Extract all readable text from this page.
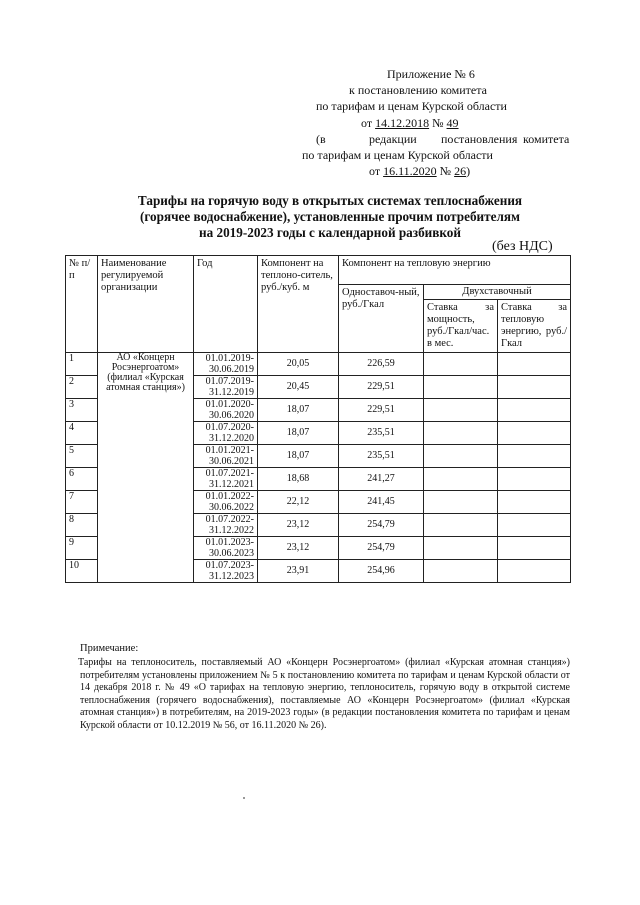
Приложение № 6
к постановлению комитета
по тарифам и ценам Курской области
от 14.12.2018 № 49
(в	редакции постановления комитета
по тарифам и ценам Курской области
от 16.11.2020 № 26)
Тарифы на горячую воду в открытых системах теплоснабжения
(горячее водоснабжение), установленные прочим потребителям
на 2019-2023 годы с календарной разбивкой
(без НДС)
№ п/п	Наименование регулируемой организации	Год	Компонент на теплоно-ситель, руб./куб. м	Компонент на тепловую энергию		
				Одноставоч-ный, руб./Гкал	Двухставочный	
					Ставка за мощность, руб./Гкал/час. в мес.	Ставка за тепловую энергию, руб./Гкал
1	АО «Концерн Росэнергоатом» (филиал «Курская атомная станция»)	01.01.2019-30.06.2019	20,05	226,59		
2		01.07.2019-31.12.2019	20,45	229,51		
3		01.01.2020-30.06.2020	18,07	229,51		
4		01.07.2020-31.12.2020	18,07	235,51		
5		01.01.2021-30.06.2021	18,07	235,51		
6		01.07.2021-31.12.2021	18,68	241,27		
7		01.01.2022-30.06.2022	22,12	241,45		
8		01.07.2022-31.12.2022	23,12	254,79		
9		01.01.2023-30.06.2023	23,12	254,79		
10		01.07.2023-31.12.2023	23,91	254,96		
Примечание:
Тарифы на теплоноситель, поставляемый АО «Концерн Росэнергоатом» (филиал «Курская атомная станция») потребителям установлены приложением № 5 к постановлению комитета по тарифам и ценам Курской области от 14 декабря 2018 г. № 49 «О тарифах на тепловую энергию, теплоноситель, горячую воду в открытой системе теплоснабжения (горячего водоснабжения), поставляемые АО «Концерн Росэнергоатом» (филиал «Курская атомная станция») в потребителям, на 2019-2023 годы» (в редакции постановления комитета по тарифам и ценам Курской области от 10.12.2019 № 56, от 16.11.2020 № 26).
